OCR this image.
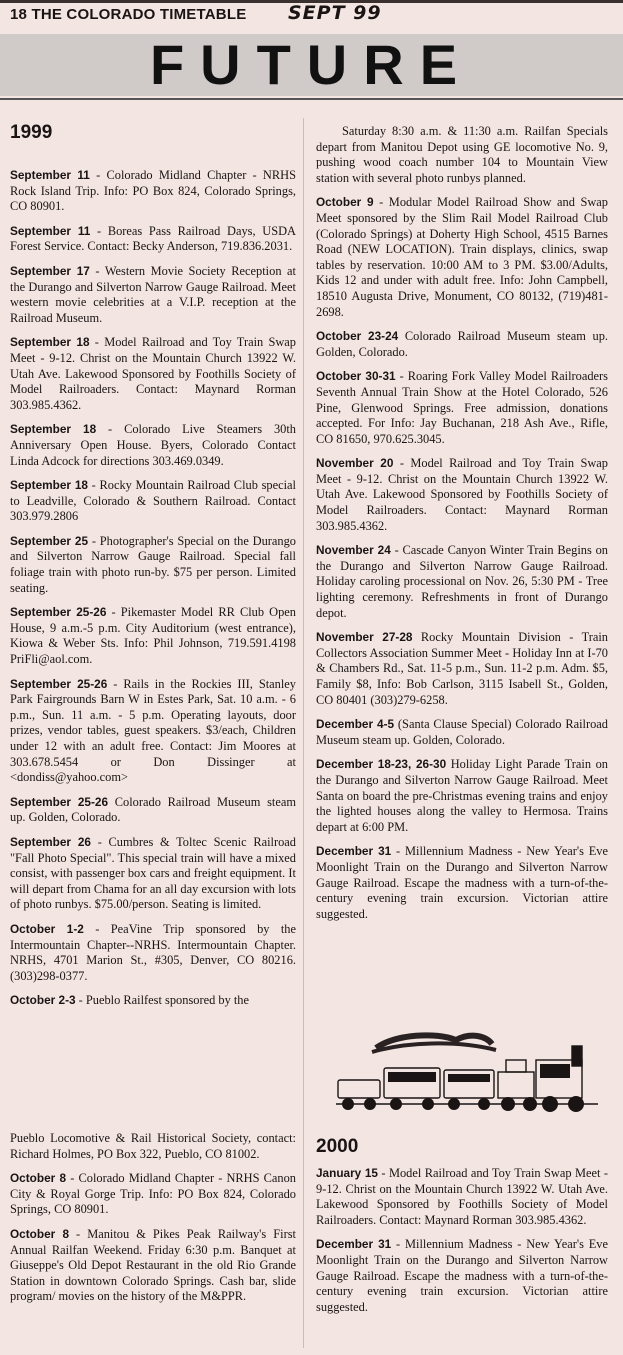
18 THE COLORADO TIMETABLE SEPT 99
FUTURE
1999

September 11 - Colorado Midland Chapter - NRHS Rock Island Trip. Info: PO Box 824, Colorado Springs, CO 80901.

September 11 - Boreas Pass Railroad Days, USDA Forest Service. Contact: Becky Anderson, 719.836.2031.

September 17 - Western Movie Society Reception at the Durango and Silverton Narrow Gauge Railroad. Meet western movie celebrities at a V.I.P. reception at the Railroad Museum.

September 18 - Model Railroad and Toy Train Swap Meet - 9-12. Christ on the Mountain Church 13922 W. Utah Ave. Lakewood Sponsored by Foothills Society of Model Railroaders. Contact: Maynard Rorman 303.985.4362.

September 18 - Colorado Live Steamers 30th Anniversary Open House. Byers, Colorado Contact Linda Adcock for directions 303.469.0349.

September 18 - Rocky Mountain Railroad Club special to Leadville, Colorado & Southern Railroad. Contact 303.979.2806

September 25 - Photographer's Special on the Durango and Silverton Narrow Gauge Railroad. Special fall foliage train with photo run-by. $75 per person. Limited seating.

September 25-26 - Pikemaster Model RR Club Open House, 9 a.m.-5 p.m. City Auditorium (west entrance), Kiowa & Weber Sts. Info: Phil Johnson, 719.591.4198 PriFli@aol.com.

September 25-26 - Rails in the Rockies III, Stanley Park Fairgrounds Barn W in Estes Park, Sat. 10 a.m. - 6 p.m., Sun. 11 a.m. - 5 p.m. Operating layouts, door prizes, vendor tables, guest speakers. $3/each, Children under 12 with an adult free. Contact: Jim Moores at 303.678.5454 or Don Dissinger at <dondiss@yahoo.com>

September 25-26 Colorado Railroad Museum steam up. Golden, Colorado.

September 26 - Cumbres & Toltec Scenic Railroad "Fall Photo Special". This special train will have a mixed consist, with passenger box cars and freight equipment. It will depart from Chama for an all day excursion with lots of photo runbys. $75.00/person. Seating is limited.

October 1-2 - PeaVine Trip sponsored by the Intermountain Chapter--NRHS. Intermountain Chapter. NRHS, 4701 Marion St., #305, Denver, CO 80216. (303)298-0377.

October 2-3 - Pueblo Railfest sponsored by the

Pueblo Locomotive & Rail Historical Society, contact: Richard Holmes, PO Box 322, Pueblo, CO 81002.

October 8 - Colorado Midland Chapter - NRHS Canon City & Royal Gorge Trip. Info: PO Box 824, Colorado Springs, CO 80901.

October 8 - Manitou & Pikes Peak Railway's First Annual Railfan Weekend. Friday 6:30 p.m. Banquet at Giuseppe's Old Depot Restaurant in the old Rio Grande Station in downtown Colorado Springs. Cash bar, slide program/ movies on the history of the M&PPR.

Saturday 8:30 a.m. & 11:30 a.m. Railfan Specials depart from Manitou Depot using GE locomotive No. 9, pushing wood coach number 104 to Mountain View station with several photo runbys planned.

October 9 - Modular Model Railroad Show and Swap Meet sponsored by the Slim Rail Model Railroad Club (Colorado Springs) at Doherty High School, 4515 Barnes Road (NEW LOCATION). Train displays, clinics, swap tables by reservation. 10:00 AM to 3 PM. $3.00/Adults, Kids 12 and under with adult free. Info: John Campbell, 18510 Augusta Drive, Monument, CO 80132, (719)481-2698.

October 23-24 Colorado Railroad Museum steam up. Golden, Colorado.

October 30-31 - Roaring Fork Valley Model Railroaders Seventh Annual Train Show at the Hotel Colorado, 526 Pine, Glenwood Springs. Free admission, donations accepted. For Info: Jay Buchanan, 218 Ash Ave., Rifle, CO 81650, 970.625.3045.

November 20 - Model Railroad and Toy Train Swap Meet - 9-12. Christ on the Mountain Church 13922 W. Utah Ave. Lakewood Sponsored by Foothills Society of Model Railroaders. Contact: Maynard Rorman 303.985.4362.

November 24 - Cascade Canyon Winter Train Begins on the Durango and Silverton Narrow Gauge Railroad. Holiday caroling processional on Nov. 26, 5:30 PM - Tree lighting ceremony. Refreshments in front of Durango depot.

November 27-28 Rocky Mountain Division - Train Collectors Association Summer Meet - Holiday Inn at I-70 & Chambers Rd., Sat. 11-5 p.m., Sun. 11-2 p.m. Adm. $5, Family $8, Info: Bob Carlson, 3115 Isabell St., Golden, CO 80401 (303)279-6258.

December 4-5 (Santa Clause Special) Colorado Railroad Museum steam up. Golden, Colorado.

December 18-23, 26-30 Holiday Light Parade Train on the Durango and Silverton Narrow Gauge Railroad. Meet Santa on board the pre-Christmas evening trains and enjoy the lighted houses along the valley to Hermosa. Trains depart at 6:00 PM.

December 31 - Millennium Madness - New Year's Eve Moonlight Train on the Durango and Silverton Narrow Gauge Railroad. Escape the madness with a turn-of-the-century evening train excursion. Victorian attire suggested.

2000

January 15 - Model Railroad and Toy Train Swap Meet - 9-12. Christ on the Mountain Church 13922 W. Utah Ave. Lakewood Sponsored by Foothills Society of Model Railroaders. Contact: Maynard Rorman 303.985.4362.

December 31 - Millennium Madness - New Year's Eve Moonlight Train on the Durango and Silverton Narrow Gauge Railroad. Escape the madness with a turn-of-the-century evening train excursion. Victorian attire suggested.
